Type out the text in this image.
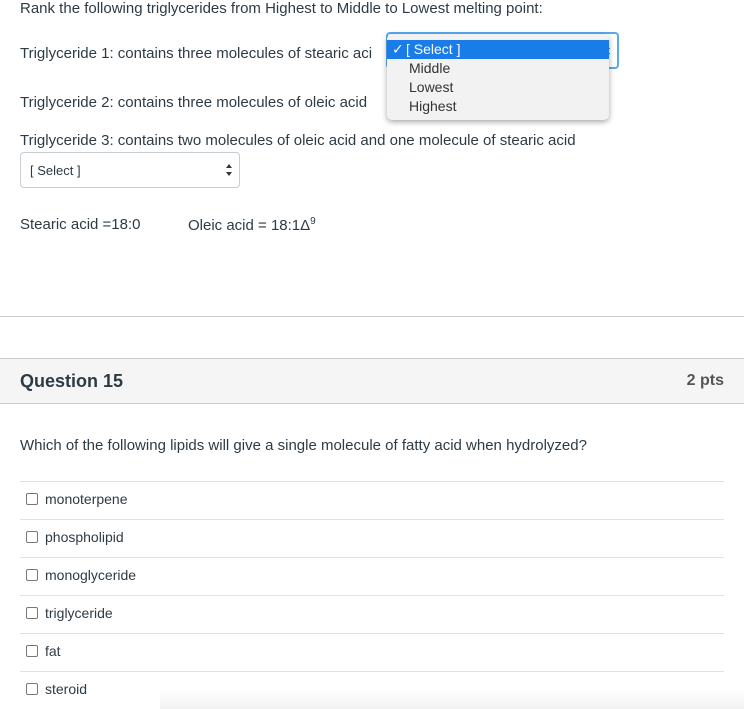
Rank the following triglycerides from Highest to Middle to Lowest melting point:
Triglyceride 1: contains three molecules of stearic aci	✓ [ Select ]
Middle
Lowest
Highest
Triglyceride 2: contains three molecules of oleic acid
Triglyceride 3: contains two molecules of oleic acid and one molecule of stearic acid
[ Select ]
Stearic acid =18:0	Oleic acid = $18:1\Delta^9$
Question 15	2 pts
Which of the following lipids will give a single molecule of fatty acid when hydrolyzed?
monoterpene
phospholipid
monoglyceride
triglyceride
fat
steroid
